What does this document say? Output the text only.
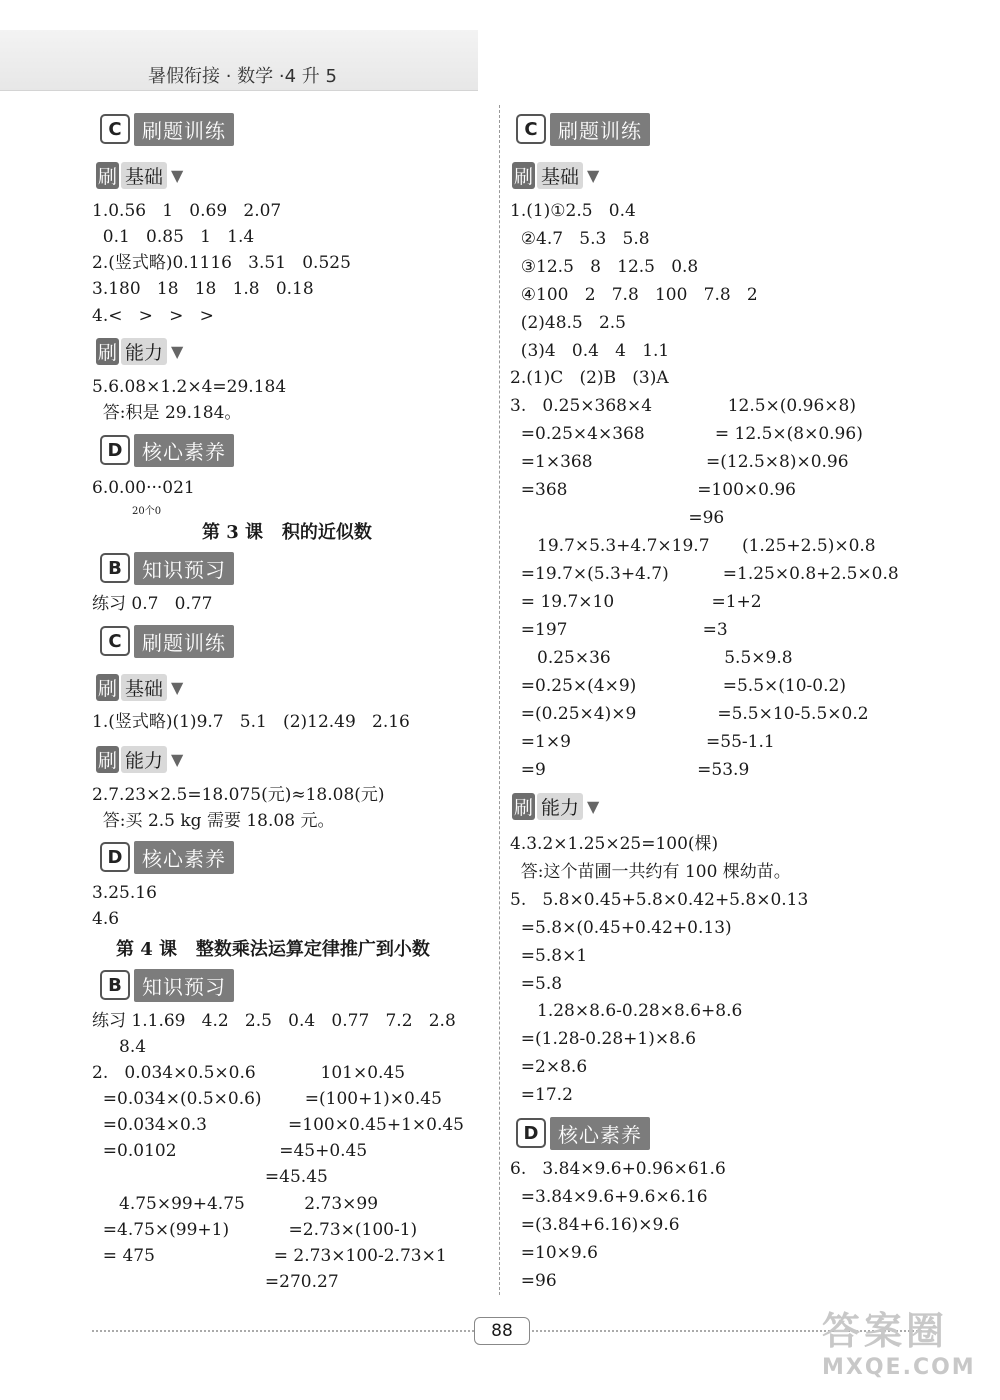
暑假衔接 · 数学 ·4 升 5
C	刷题训练
刷 基础 ▼
1.0.56   1   0.69   2.07
0.1   0.85   1   1.4
2.(竖式略)0.1116   3.51   0.525
3.180   18   18   1.8   0.18
4.<   >   >   >
刷 能力 ▼
5.6.08×1.2×4=29.184
答:积是 29.184。
D 核心素养
6.0.00···021
20个0
第 3 课   积的近似数
B	知识预习
练习 0.7   0.77
C	刷题训练
刷 基础 ▼
1.(竖式略)(1)9.7   5.1   (2)12.49   2.16
刷 能力 ▼
2.7.23×2.5=18.075(元)≈18.08(元)
答:买 2.5 kg 需要 18.08 元。
D 核心素养
3.25.16
4.6
第 4 课   整数乘法运算定律推广到小数
B	知识预习
练习 1.1.69   4.2   2.5   0.4   0.77   7.2   2.8
8.4
2.   0.034×0.5×0.6            101×0.45
=0.034×(0.5×0.6)        =(100+1)×0.45
=0.034×0.3               =100×0.45+1×0.45
=0.0102                   =45+0.45
=45.45
4.75×99+4.75           2.73×99
=4.75×(99+1)           =2.73×(100-1)
= 475                      = 2.73×100-2.73×1
=270.27
C	刷题训练
刷 基础 ▼
1.(1)①2.5   0.4
②4.7   5.3   5.8
③12.5   8   12.5   0.8
④100   2   7.8   100   7.8   2
(2)48.5   2.5
(3)4   0.4   4   1.1
2.(1)C   (2)B   (3)A
3.   0.25×368×4              12.5×(0.96×8)
=0.25×4×368             = 12.5×(8×0.96)
=1×368                     =(12.5×8)×0.96
=368                        =100×0.96
=96
19.7×5.3+4.7×19.7      (1.25+2.5)×0.8
=19.7×(5.3+4.7)          =1.25×0.8+2.5×0.8
= 19.7×10                  =1+2
=197                         =3
0.25×36                     5.5×9.8
=0.25×(4×9)                =5.5×(10-0.2)
=(0.25×4)×9               =5.5×10-5.5×0.2
=1×9                         =55-1.1
=9                            =53.9
刷 能力 ▼
4.3.2×1.25×25=100(棵)
答:这个苗圃一共约有 100 棵幼苗。
5.   5.8×0.45+5.8×0.42+5.8×0.13
=5.8×(0.45+0.42+0.13)
=5.8×1
=5.8
1.28×8.6-0.28×8.6+8.6
=(1.28-0.28+1)×8.6
=2×8.6
=17.2
D 核心素养
6.   3.84×9.6+0.96×61.6
=3.84×9.6+9.6×6.16
=(3.84+6.16)×9.6
=10×9.6
=96
88	答案圈
MXQE.COM
